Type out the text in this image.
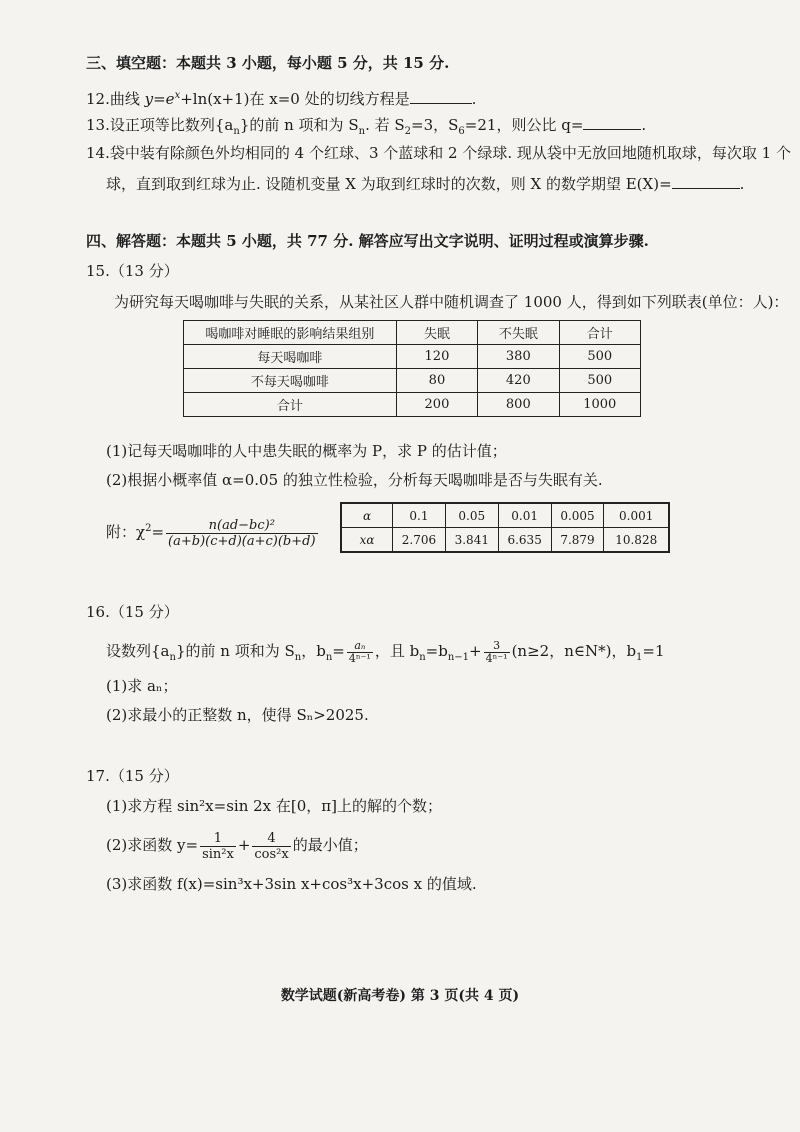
三、填空题：本题共 3 小题，每小题 5 分，共 15 分.
12.曲线 $y=e^x+\ln(x+1)$在 x=0 处的切线方程是	.
13.设正项等比数列$\{a_n\}$的前 n 项和为 $S_n$. 若 $S_2=3$，$S_6=21$，则公比 q=	.
14.袋中装有除颜色外均相同的 4 个红球、3 个蓝球和 2 个绿球. 现从袋中无放回地随机取球，每次取 1 个
球，直到取到红球为止. 设随机变量 X 为取到红球时的次数，则 X 的数学期望 E(X)=	.
四、解答题：本题共 5 小题，共 77 分. 解答应写出文字说明、证明过程或演算步骤.
15.（13 分）
为研究每天喝咖啡与失眠的关系，从某社区人群中随机调查了 1000 人，得到如下列联表(单位：人)：
喝咖啡对睡眠的影响结果组别	失眠	不失眠	合计
每天喝咖啡	120	380	500
不每天喝咖啡	80	420	500
合计	200	800	1000
(1)记每天喝咖啡的人中患失眠的概率为 P，求 P 的估计值；
(2)根据小概率值 α=0.05 的独立性检验，分析每天喝咖啡是否与失眠有关.
附：$\chi^2= \frac{\text{n(ad−bc)²}}{(a+b)(c+d)(a+c)(b+d)}$
α	0.1	0.05	0.01	0.005	0.001
xα	2.706	3.841	6.635	7.879	10.828
16.（15 分）
设数列$\{a_n\}$的前 n 项和为 $S_n$，$b_n= \frac{\text{aₙ}}{\text{4ⁿ⁻¹}}$ ，且 $b_n=b_{n-1}+ \frac{3}{\text{4ⁿ⁻¹}} (n\ge 2$，n∈N*)，$b_1=1$
(1)求 aₙ；
(2)求最小的正整数 n，使得 Sₙ>2025.
17.（15 分）
(1)求方程 sin²x=sin 2x 在[0，π]上的解的个数；
(2)求函数 $y= \frac{1}{\text{sin²x}} + \frac{4}{\text{cos²x}}$ 的最小值；
(3)求函数 f(x)=sin³x+3sin x+cos³x+3cos x 的值域.
数学试题(新高考卷) 第 3 页(共 4 页)
